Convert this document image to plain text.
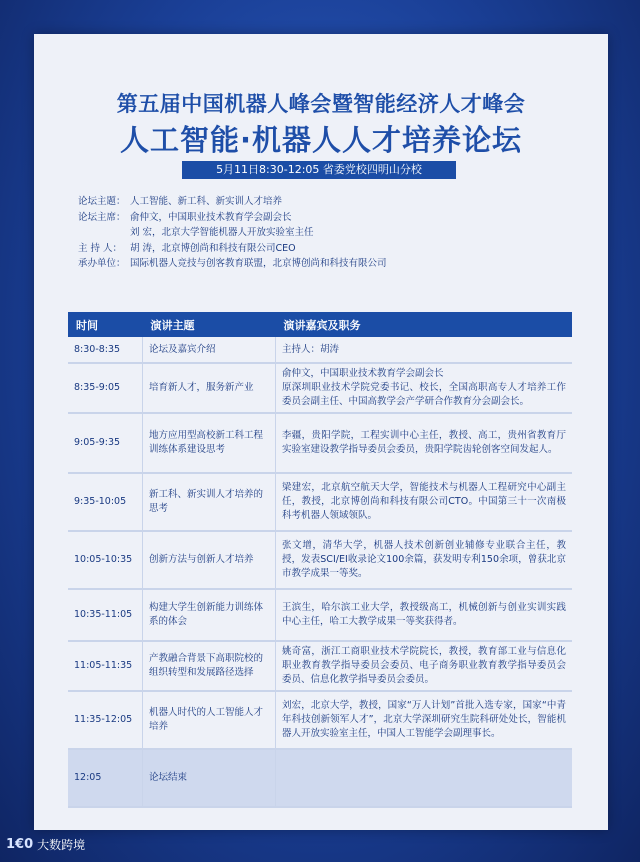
第五届中国机器人峰会暨智能经济人才峰会
人工智能·机器人人才培养论坛
5月11日8:30-12:05 省委党校四明山分校
论坛主题： 人工智能、新工科、新实训人才培养
论坛主席： 俞仲文，中国职业技术教育学会副会长
刘 宏，北京大学智能机器人开放实验室主任
主 持 人： 胡 涛，北京博创尚和科技有限公司CEO
承办单位： 国际机器人竞技与创客教育联盟，北京博创尚和科技有限公司
时间	演讲主题	演讲嘉宾及职务
8:30-8:35	论坛及嘉宾介绍	主持人：胡涛
8:35-9:05	培育新人才，服务新产业	俞仲文，中国职业技术教育学会副会长
原深圳职业技术学院党委书记、校长，全国高职高专人才培养工作委员会副主任、中国高教学会产学研合作教育分会副会长。
9:05-9:35	地方应用型高校新工科工程训练体系建设思考	李疆，贵阳学院，工程实训中心主任，教授、高工，贵州省教育厅实验室建设教学指导委员会委员，贵阳学院齿轮创客空间发起人。
9:35-10:05	新工科、新实训人才培养的思考	梁建宏，北京航空航天大学，智能技术与机器人工程研究中心副主任，教授，北京博创尚和科技有限公司CTO。中国第三十一次南极科考机器人领域领队。
10:05-10:35	创新方法与创新人才培养	张文增，清华大学，机器人技术创新创业辅修专业联合主任，教授，发表SCI/EI收录论文100余篇，获发明专利150余项，曾获北京市教学成果一等奖。
10:35-11:05	构建大学生创新能力训练体系的体会	王滨生，哈尔滨工业大学，教授级高工，机械创新与创业实训实践中心主任，哈工大教学成果一等奖获得者。
11:05-11:35	产教融合背景下高职院校的组织转型和发展路径选择	姚奇富，浙江工商职业技术学院院长，教授，教育部工业与信息化职业教育教学指导委员会委员、电子商务职业教育教学指导委员会委员、信息化教学指导委员会委员。
11:35-12:05	机器人时代的人工智能人才培养	刘宏，北京大学，教授，国家“万人计划”首批入选专家，国家“中青年科技创新领军人才”，北京大学深圳研究生院科研处处长，智能机器人开放实验室主任，中国人工智能学会副理事长。
12:05	论坛结束	
1€0 大数跨境
